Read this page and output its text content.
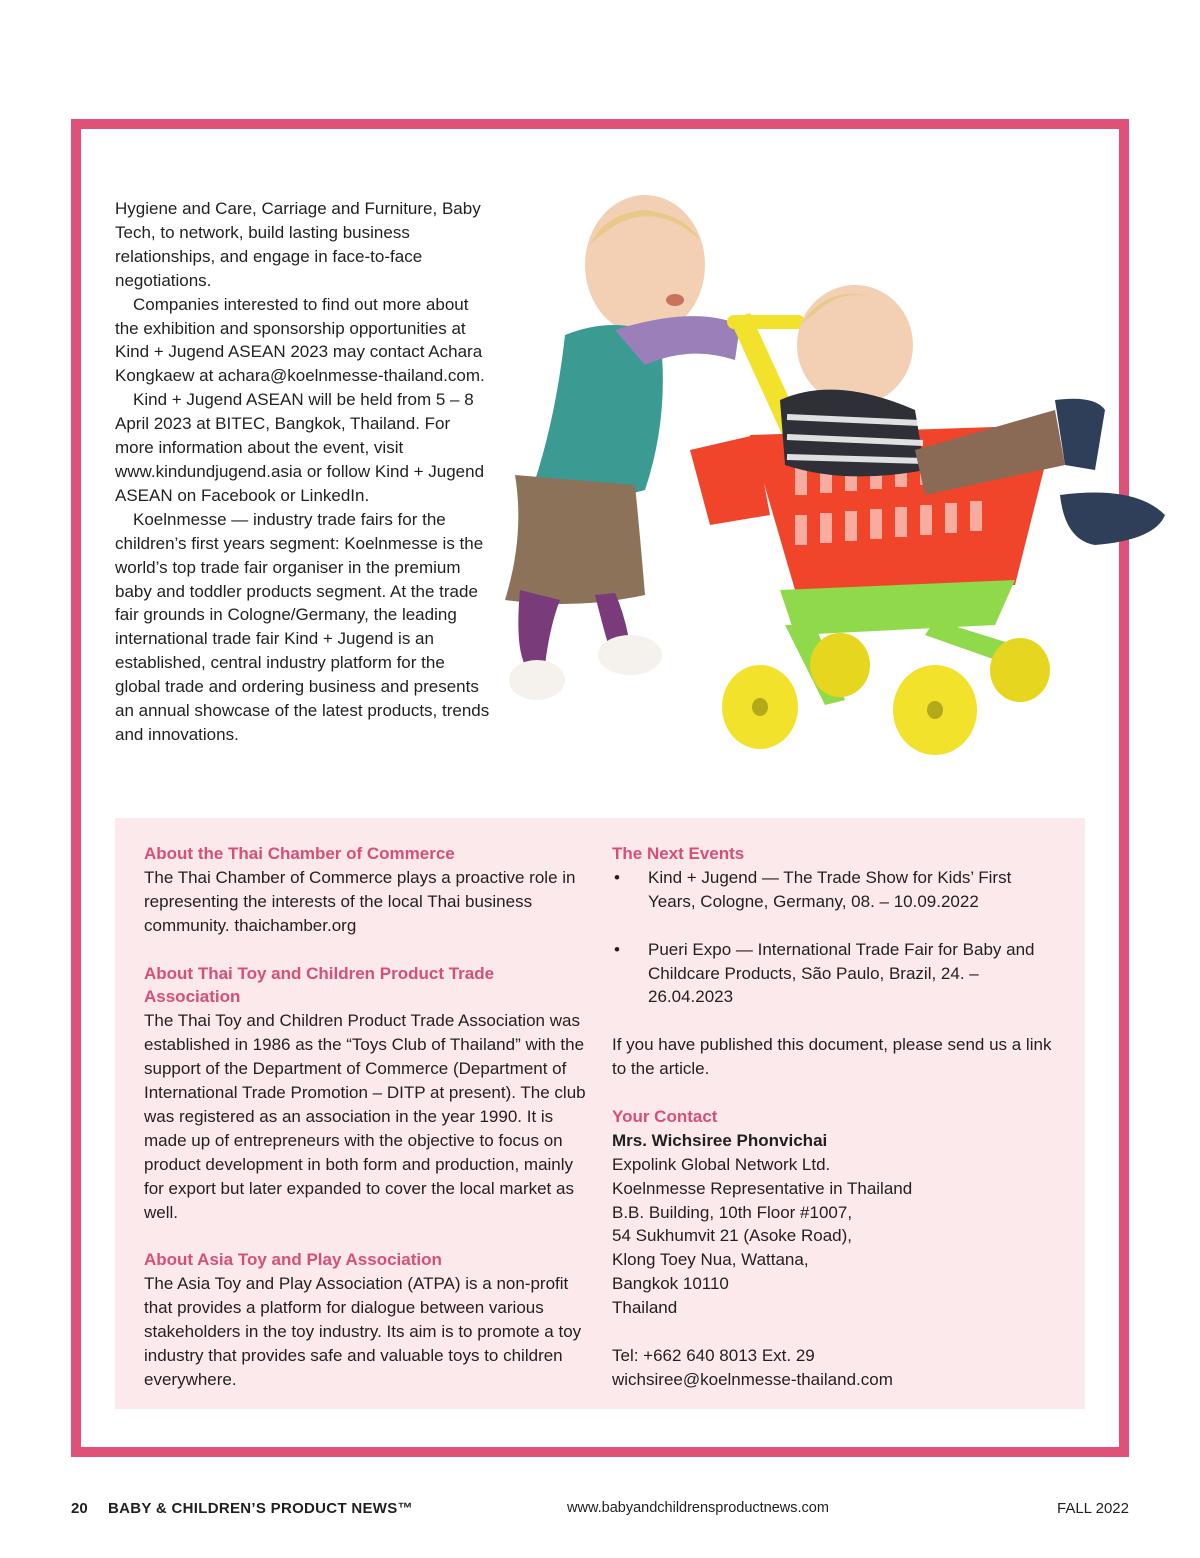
Hygiene and Care, Carriage and Furniture, Baby Tech, to network, build lasting business relationships, and engage in face-to-face negotiations.

Companies interested to find out more about the exhibition and sponsorship opportunities at Kind + Jugend ASEAN 2023 may contact Achara Kongkaew at achara@koelnmesse-thailand.com.

Kind + Jugend ASEAN will be held from 5 – 8 April 2023 at BITEC, Bangkok, Thailand. For more information about the event, visit www.kindundjugend.asia or follow Kind + Jugend ASEAN on Facebook or LinkedIn.

Koelnmesse — industry trade fairs for the children’s first years segment: Koelnmesse is the world’s top trade fair organiser in the premium baby and toddler products segment. At the trade fair grounds in Cologne/Germany, the leading international trade fair Kind + Jugend is an established, central industry platform for the global trade and ordering business and presents an annual showcase of the latest products, trends and innovations.

About the Thai Chamber of Commerce
The Thai Chamber of Commerce plays a proactive role in representing the interests of the local Thai business community. thaichamber.org
About Thai Toy and Children Product Trade Association
The Thai Toy and Children Product Trade Association was established in 1986 as the “Toys Club of Thailand” with the support of the Department of Commerce (Department of International Trade Promotion – DITP at present). The club was registered as an association in the year 1990. It is made up of entrepreneurs with the objective to focus on product development in both form and production, mainly for export but later expanded to cover the local market as well.
About Asia Toy and Play Association
The Asia Toy and Play Association (ATPA) is a non-profit that provides a platform for dialogue between various stakeholders in the toy industry. Its aim is to promote a toy industry that provides safe and valuable toys to children everywhere.
The Next Events
• Kind + Jugend — The Trade Show for Kids’ First Years, Cologne, Germany, 08. – 10.09.2022
• Pueri Expo — International Trade Fair for Baby and Childcare Products, São Paulo, Brazil, 24. – 26.04.2023
If you have published this document, please send us a link to the article.
Your Contact
Mrs. Wichsiree Phonvichai
Expolink Global Network Ltd.
Koelnmesse Representative in Thailand
B.B. Building, 10th Floor #1007,
54 Sukhumvit 21 (Asoke Road),
Klong Toey Nua, Wattana,
Bangkok 10110
Thailand
Tel: +662 640 8013 Ext. 29
wichsiree@koelnmesse-thailand.com
20 BABY & CHILDREN’S PRODUCT NEWS™	www.babyandchildrensproductnews.com	FALL 2022
